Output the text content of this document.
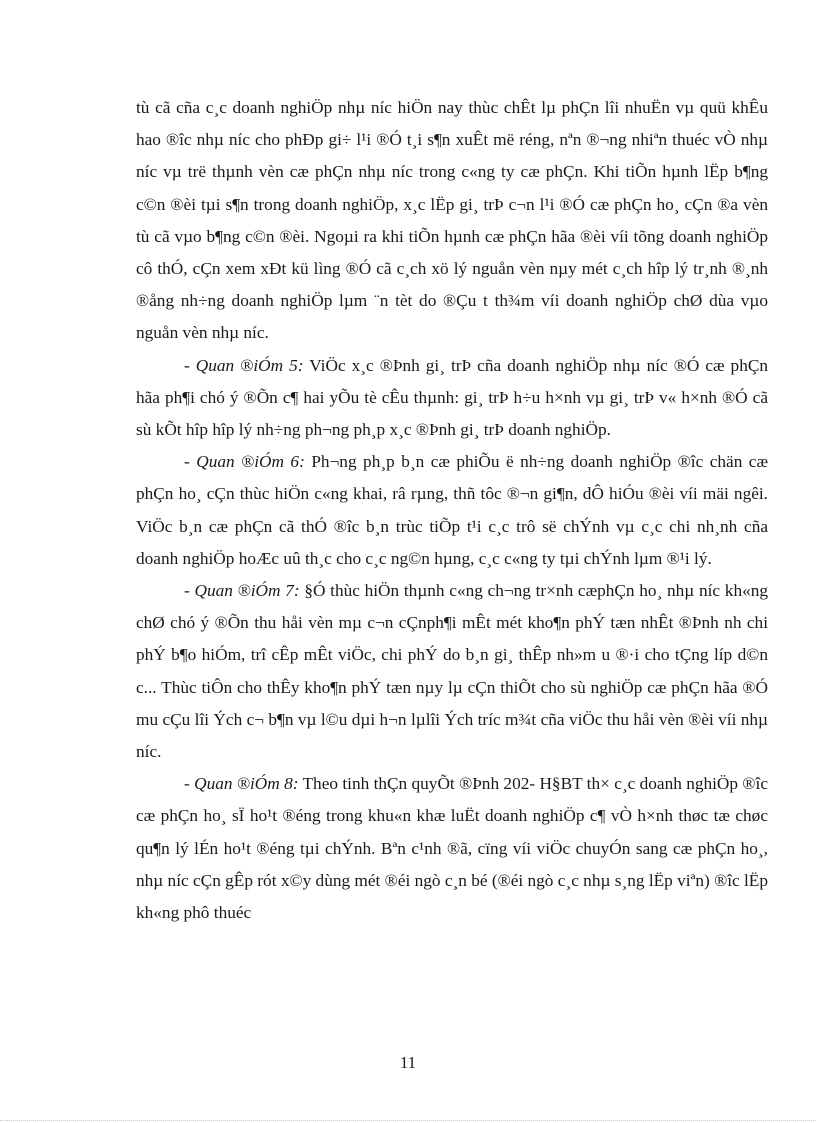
tù cã cña c¸c doanh nghiÖp nhµ níc hiÖn nay thùc chÊt lµ phÇn lîi nhuËn vµ quü khÊu hao ®îc nhµ níc cho phÐp gi÷ l¹i ®Ó t¸i s¶n xuÊt më réng, nªn ®¬ng nhiªn thuéc vÒ nhµ níc vµ trë thµnh vèn cæ phÇn nhµ níc trong c«ng ty cæ phÇn. Khi tiÕn hµnh lËp b¶ng c©n ®èi tµi s¶n trong doanh nghiÖp, x¸c lËp gi¸ trÞ c¬n l¹i ®Ó cæ phÇn ho¸ cÇn ®a vèn tù cã vµo b¶ng c©n ®èi. Ngoµi ra khi tiÕn hµnh cæ phÇn hãa ®èi víi tõng doanh nghiÖp cô thÓ, cÇn xem xÐt kü lìng ®Ó cã c¸ch xö lý nguån vèn nµy mét c¸ch hîp lý tr¸nh ®¸nh ®ång nh÷ng doanh nghiÖp lµm ¨n tèt do ®Çu t th¾m víi doanh nghiÖp chØ dùa vµo nguån vèn nhµ níc.

- Quan ®iÓm 5: ViÖc x¸c ®Þnh gi¸ trÞ cña doanh nghiÖp nhµ níc ®Ó cæ phÇn hãa ph¶i chó ý ®Õn c¶ hai yÕu tè cÊu thµnh: gi¸ trÞ h÷u h×nh vµ gi¸ trÞ v« h×nh ®Ó cã sù kÕt hîp hîp lý nh÷ng ph¬ng ph¸p x¸c ®Þnh gi¸ trÞ doanh nghiÖp.

- Quan ®iÓm 6: Ph¬ng ph¸p b¸n cæ phiÕu ë nh÷ng doanh nghiÖp ®îc chän cæ phÇn ho¸ cÇn thùc hiÖn c«ng khai, râ rµng, thñ tôc ®¬n gi¶n, dÔ hiÓu ®èi víi mäi ngêi. ViÖc b¸n cæ phÇn cã thÓ ®îc b¸n trùc tiÕp t¹i c¸c trô së chÝnh vµ c¸c chi nh¸nh cña doanh nghiÖp hoÆc uû th¸c cho c¸c ng©n hµng, c¸c c«ng ty tµi chÝnh lµm ®¹i lý.

- Quan ®iÓm 7: §Ó thùc hiÖn thµnh c«ng ch¬ng tr×nh cæphÇn ho¸ nhµ níc kh«ng chØ chó ý ®Õn thu håi vèn mµ c¬n cÇnph¶i mÊt mét kho¶n phÝ tæn nhÊt ®Þnh nh chi phÝ b¶o hiÓm, trî cÊp mÊt viÖc, chi phÝ do b¸n gi¸ thÊp nh»m u ®·i cho tÇng líp d©n c... Thùc tiÔn cho thÊy kho¶n phÝ tæn nµy lµ cÇn thiÕt cho sù nghiÖp cæ phÇn hãa ®Ó mu cÇu lîi Ých c¬ b¶n vµ l©u dµi h¬n lµlîi Ých tríc m¾t cña viÖc thu håi vèn ®èi víi nhµ níc.

- Quan ®iÓm 8: Theo tinh thÇn quyÕt ®Þnh 202- H§BT th× c¸c doanh nghiÖp ®îc cæ phÇn ho¸ sÏ ho¹t ®éng trong khu«n khæ luËt doanh nghiÖp c¶ vÒ h×nh thøc tæ chøc qu¶n lý lÉn ho¹t ®éng tµi chÝnh. Bªn c¹nh ®ã, cïng víi viÖc chuyÓn sang cæ phÇn ho¸, nhµ níc cÇn gÊp rót x©y dùng mét ®éi ngò c¸n bé (®éi ngò c¸c nhµ s¸ng lËp viªn) ®îc lËp kh«ng phô thuéc

11
